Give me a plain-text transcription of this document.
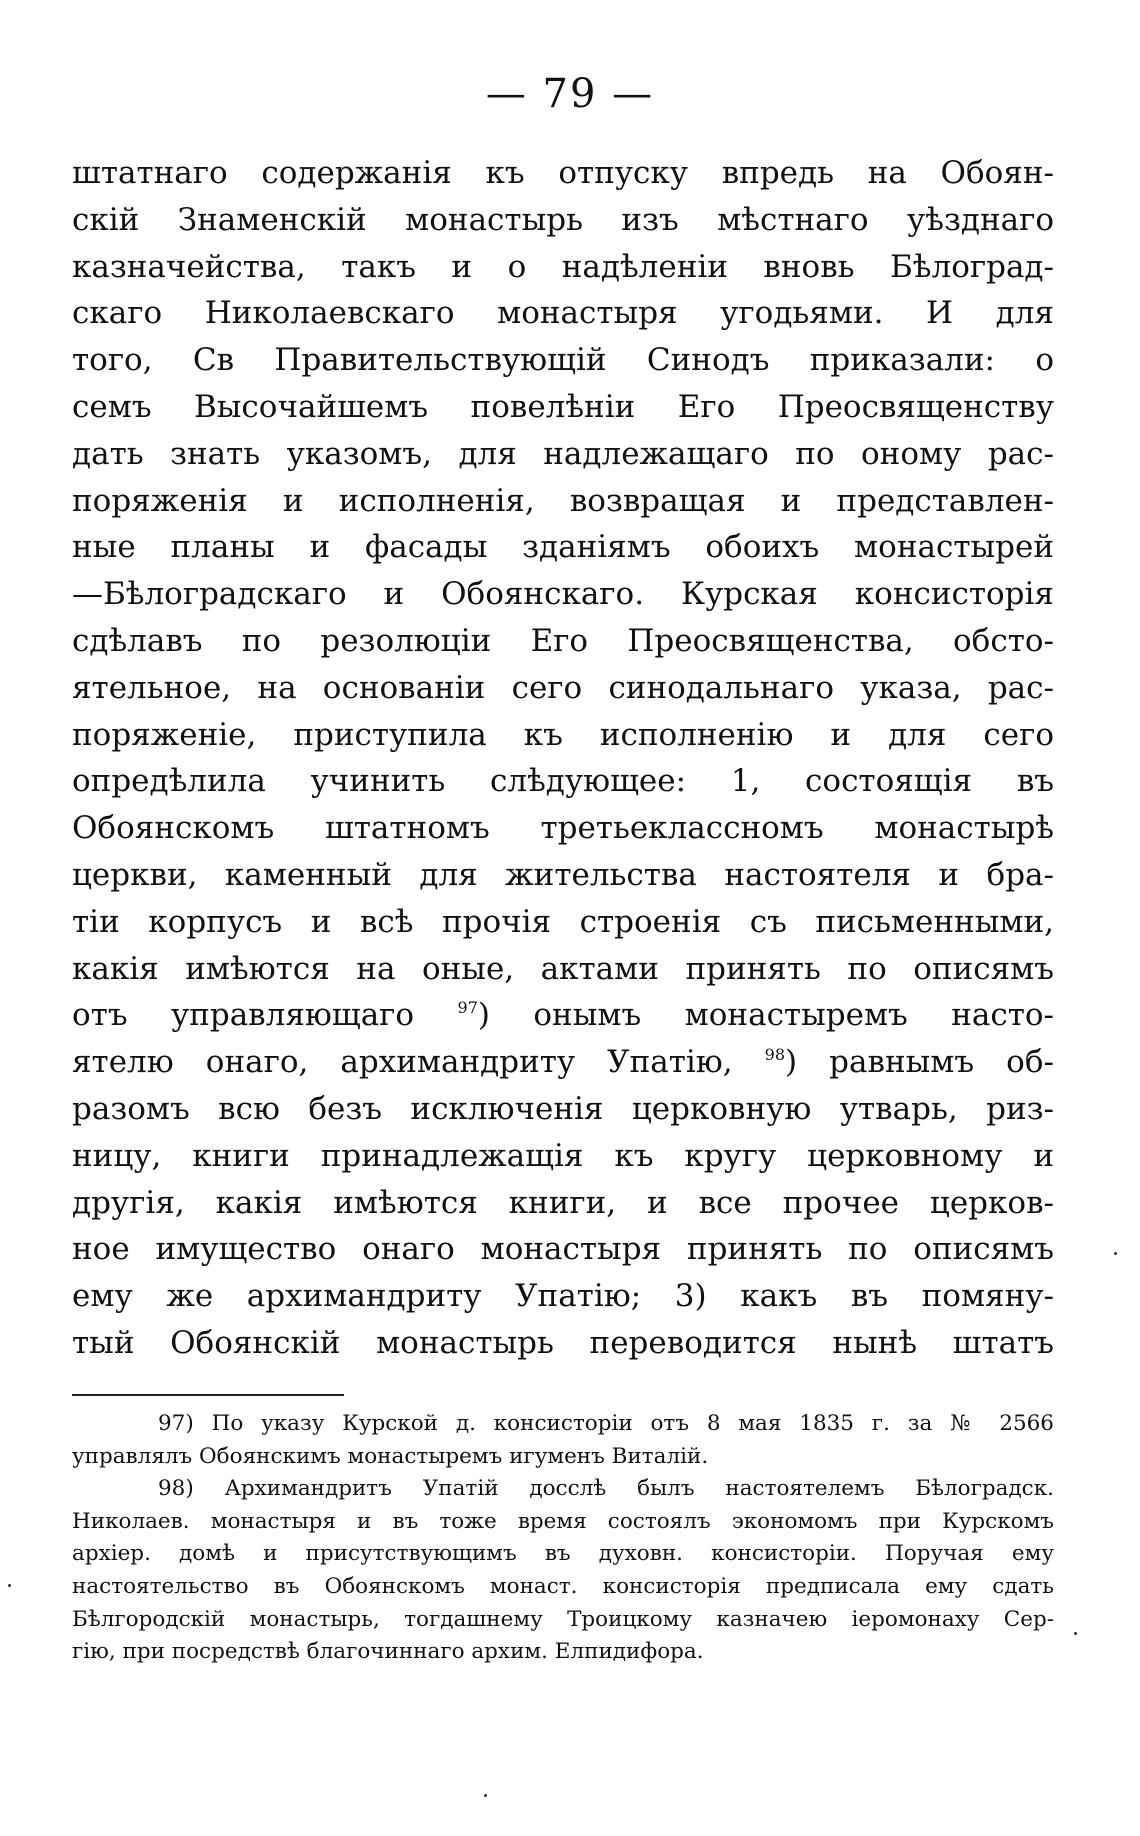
— 79 —
штатнаго содержанія къ отпуску впредь на Обоян-
скій Знаменскій монастырь изъ мѣстнаго уѣзднаго
казначейства, такъ и о надѣленіи вновь Бѣлоград-
скаго Николаевскаго монастыря угодьями. И для
того, Св Правительствующій Синодъ приказали: о
семъ Высочайшемъ повелѣніи Его Преосвященству
дать знать указомъ, для надлежащаго по оному рас-
поряженія и исполненія, возвращая и представлен-
ные планы и фасады зданіямъ обоихъ монастырей
—Бѣлоградскаго и Обоянскаго. Курская консисторія
сдѣлавъ по резолюціи Его Преосвященства, обсто-
ятельное, на основаніи сего синодальнаго указа, рас-
поряженіе, приступила къ исполненію и для сего
опредѣлила учинить слѣдующее: 1, состоящія въ
Обоянскомъ штатномъ третьеклассномъ монастырѣ
церкви, каменный для жительства настоятеля и бра-
тіи корпусъ и всѣ прочія строенія съ письменными,
какія имѣются на оные, актами принять по описямъ
отъ управляющаго $^{97}$) онымъ монастыремъ насто-
ятелю онаго, архимандриту Упатію, $^{98}$) равнымъ об-
разомъ всю безъ исключенія церковную утварь, риз-
ницу, книги принадлежащія къ кругу церковному и
другія, какія имѣются книги, и все прочее церков-
ное имущество онаго монастыря принять по описямъ
ему же архимандриту Упатію; 3) какъ въ помяну-
тый Обоянскій монастырь переводится нынѣ штатъ
97) По указу Курской д. консисторіи отъ 8 мая 1835 г. за № 2566
управлялъ Обоянскимъ монастыремъ игуменъ Виталій.
98) Архимандритъ Упатій досслѣ былъ настоятелемъ Бѣлоградск.
Николаев. монастыря и въ тоже время состоялъ экономомъ при Курскомъ
архіер. домѣ и присутствующимъ въ духовн. консисторіи. Поручая ему
настоятельство въ Обоянскомъ монаст. консисторія предписала ему сдать
Бѣлгородскій монастырь, тогдашнему Троицкому казначею іеромонаху Сер-
гію, при посредствѣ благочиннаго архим. Елпидифора.
